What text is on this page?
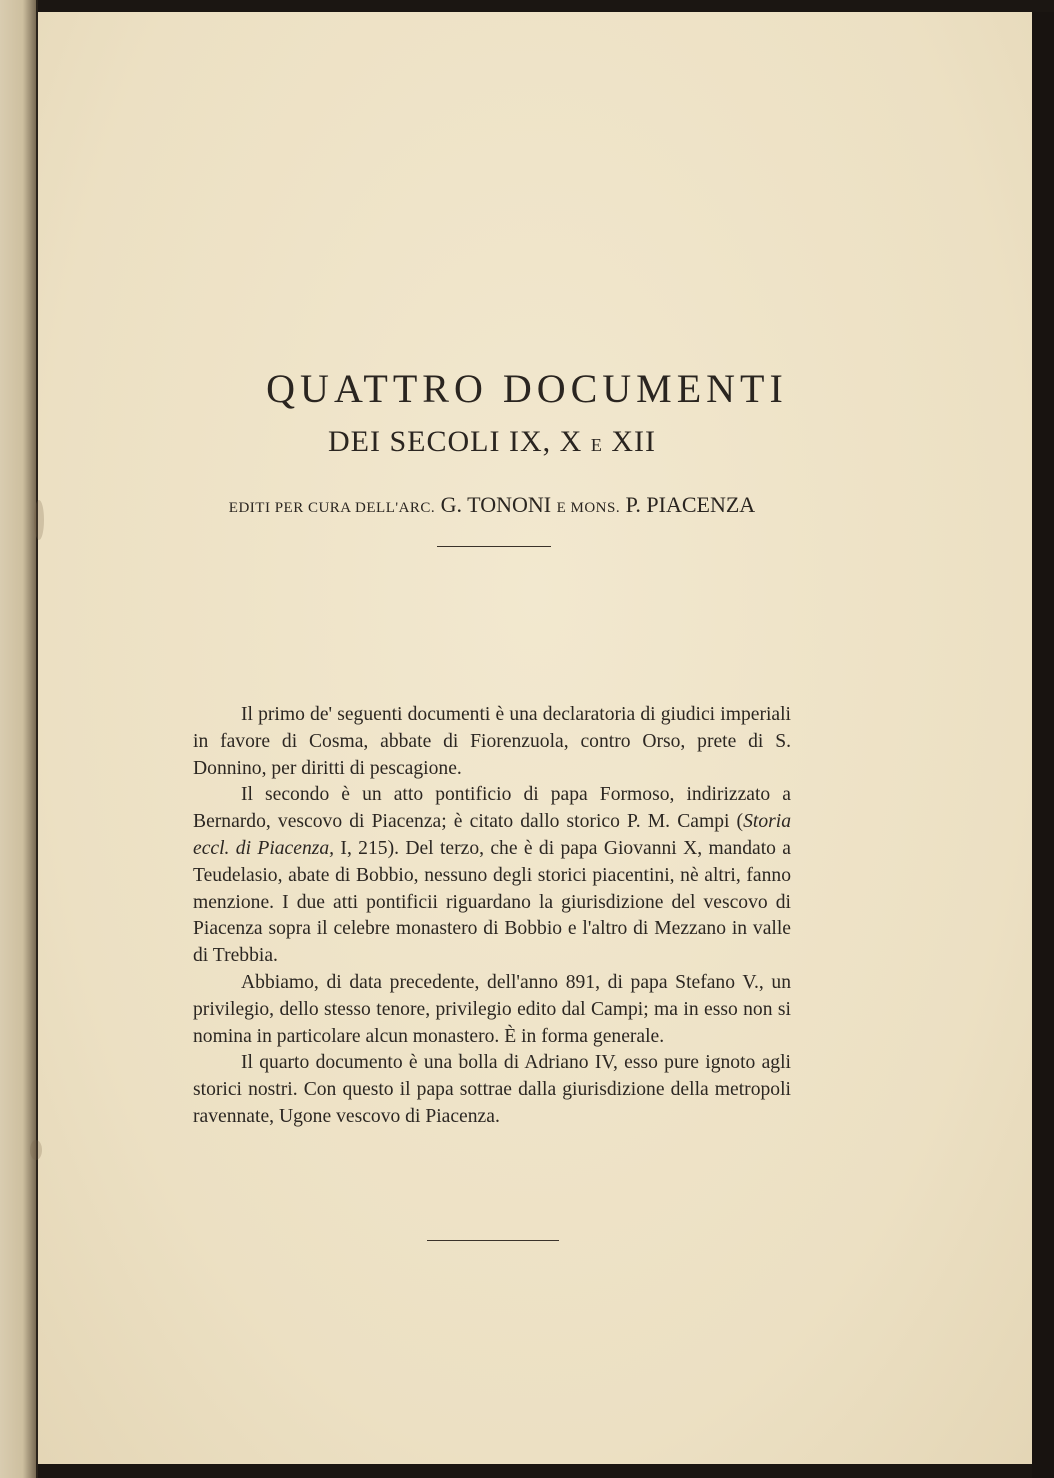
QUATTRO DOCUMENTI
DEI SECOLI IX, X E XII
EDITI PER CURA DELL'ARC. G. TONONI E MONS. P. PIACENZA

Il primo de' seguenti documenti è una declaratoria di giudici imperiali in favore di Cosma, abbate di Fiorenzuola, contro Orso, prete di S. Donnino, per diritti di pescagione.

Il secondo è un atto pontificio di papa Formoso, indirizzato a Bernardo, vescovo di Piacenza; è citato dallo storico P. M. Campi (Storia eccl. di Piacenza, I, 215). Del terzo, che è di papa Giovanni X, mandato a Teudelasio, abate di Bobbio, nessuno degli storici piacentini, nè altri, fanno menzione. I due atti pontificii riguardano la giurisdizione del vescovo di Piacenza sopra il celebre monastero di Bobbio e l'altro di Mezzano in valle di Trebbia.

Abbiamo, di data precedente, dell'anno 891, di papa Stefano V., un privilegio, dello stesso tenore, privilegio edito dal Campi; ma in esso non si nomina in particolare alcun monastero. È in forma generale.

Il quarto documento è una bolla di Adriano IV, esso pure ignoto agli storici nostri. Con questo il papa sottrae dalla giurisdizione della metropoli ravennate, Ugone vescovo di Piacenza.
